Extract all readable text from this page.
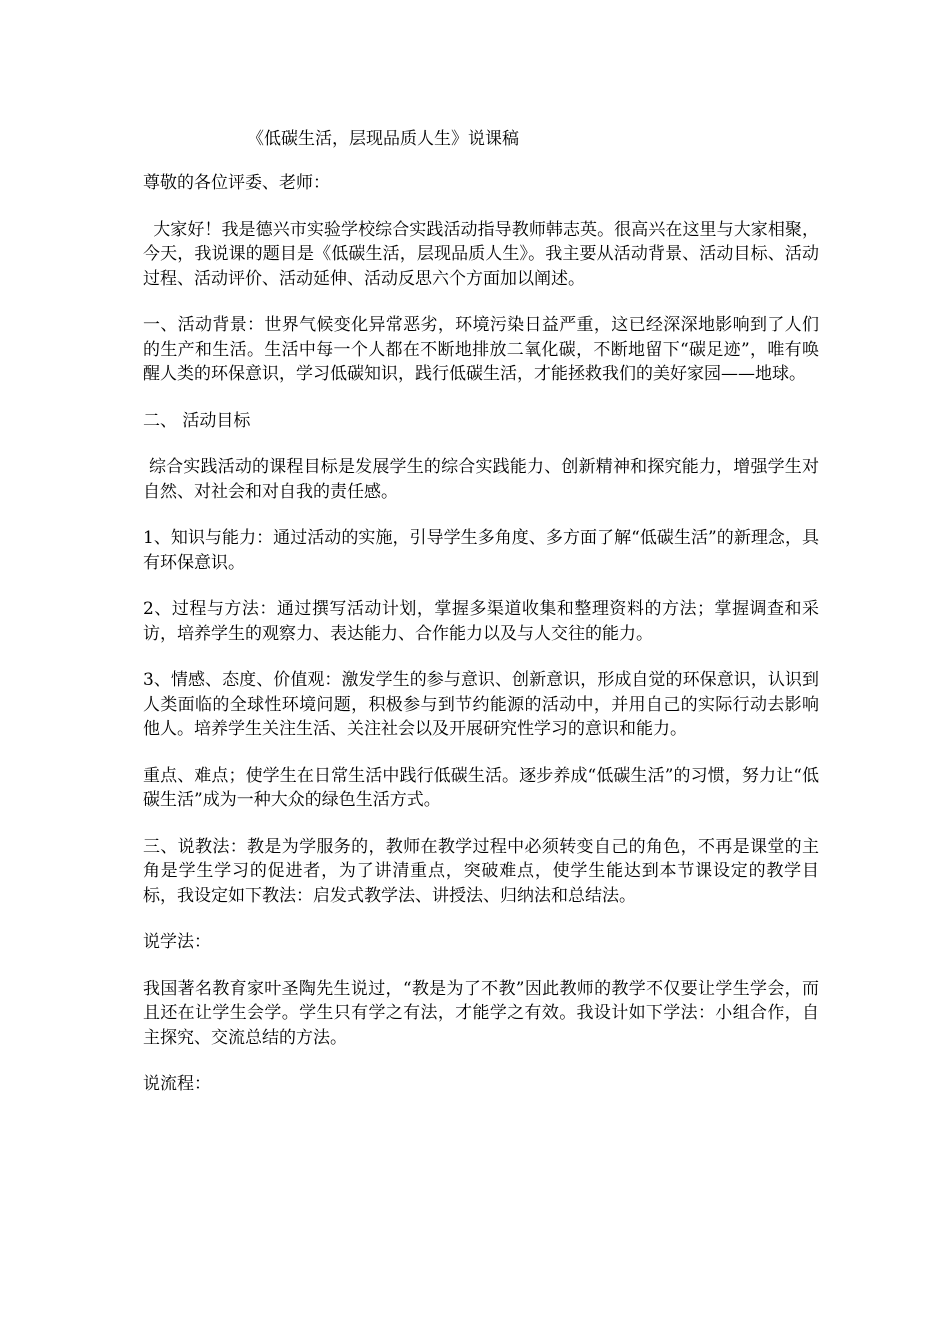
《低碳生活，层现品质人生》说课稿

尊敬的各位评委、老师：

大家好！我是德兴市实验学校综合实践活动指导教师韩志英。很高兴在这里与大家相聚，今天，我说课的题目是《低碳生活，层现品质人生》。我主要从活动背景、活动目标、活动过程、活动评价、活动延伸、活动反思六个方面加以阐述。

一、活动背景：世界气候变化异常恶劣，环境污染日益严重，这已经深深地影响到了人们的生产和生活。生活中每一个人都在不断地排放二氧化碳，不断地留下“碳足迹”，唯有唤醒人类的环保意识，学习低碳知识，践行低碳生活，才能拯救我们的美好家园——地球。

二、 活动目标

综合实践活动的课程目标是发展学生的综合实践能力、创新精神和探究能力，增强学生对自然、对社会和对自我的责任感。

1、知识与能力：通过活动的实施，引导学生多角度、多方面了解“低碳生活”的新理念，具有环保意识。

2、过程与方法：通过撰写活动计划，掌握多渠道收集和整理资料的方法；掌握调查和采访，培养学生的观察力、表达能力、合作能力以及与人交往的能力。

3、情感、态度、价值观：激发学生的参与意识、创新意识，形成自觉的环保意识，认识到人类面临的全球性环境问题，积极参与到节约能源的活动中，并用自己的实际行动去影响他人。培养学生关注生活、关注社会以及开展研究性学习的意识和能力。

重点、难点；使学生在日常生活中践行低碳生活。逐步养成“低碳生活”的习惯，努力让“低碳生活”成为一种大众的绿色生活方式。

三、说教法：教是为学服务的，教师在教学过程中必须转变自己的角色，不再是课堂的主角是学生学习的促进者，为了讲清重点，突破难点，使学生能达到本节课设定的教学目标，我设定如下教法：启发式教学法、讲授法、归纳法和总结法。

说学法：

我国著名教育家叶圣陶先生说过，“教是为了不教”因此教师的教学不仅要让学生学会，而且还在让学生会学。学生只有学之有法，才能学之有效。我设计如下学法：小组合作，自主探究、交流总结的方法。

说流程：
